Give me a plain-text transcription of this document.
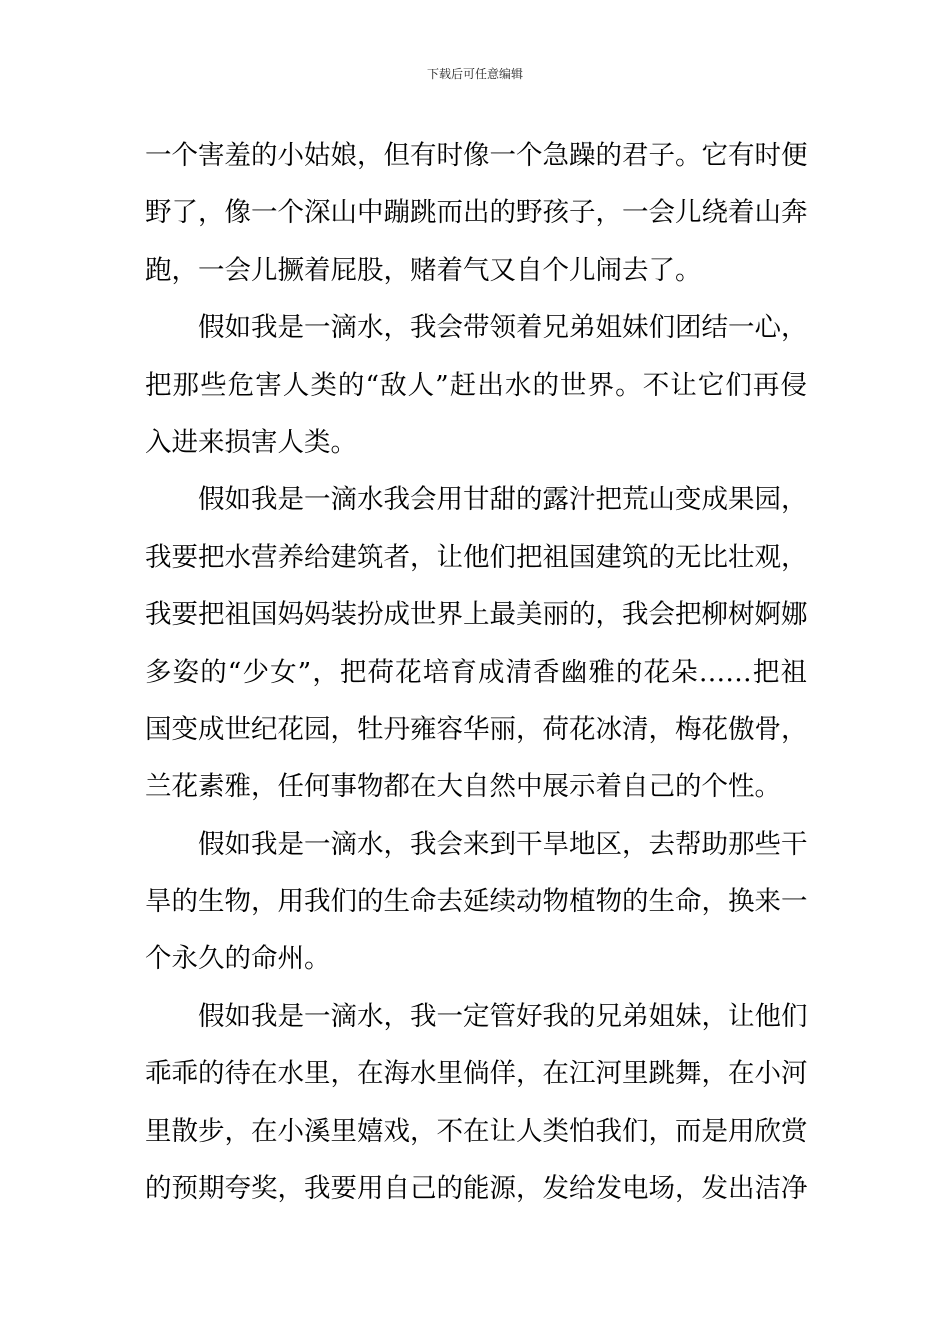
下载后可任意编辑
一个害羞的小姑娘，但有时像一个急躁的君子。它有时便
野了，像一个深山中蹦跳而出的野孩子，一会儿绕着山奔
跑，一会儿撅着屁股，赌着气又自个儿闹去了。
假如我是一滴水，我会带领着兄弟姐妹们团结一心，
把那些危害人类的“敌人”赶出水的世界。不让它们再侵
入进来损害人类。
假如我是一滴水我会用甘甜的露汁把荒山变成果园，
我要把水营养给建筑者，让他们把祖国建筑的无比壮观，
我要把祖国妈妈装扮成世界上最美丽的，我会把柳树婀娜
多姿的“少女”，把荷花培育成清香幽雅的花朵……把祖
国变成世纪花园，牡丹雍容华丽，荷花冰清，梅花傲骨，
兰花素雅，任何事物都在大自然中展示着自己的个性。
假如我是一滴水，我会来到干旱地区，去帮助那些干
旱的生物，用我们的生命去延续动物植物的生命，换来一
个永久的命州。
假如我是一滴水，我一定管好我的兄弟姐妹，让他们
乖乖的待在水里，在海水里倘佯，在江河里跳舞，在小河
里散步，在小溪里嬉戏，不在让人类怕我们，而是用欣赏
的预期夸奖，我要用自己的能源，发给发电场，发出洁净
